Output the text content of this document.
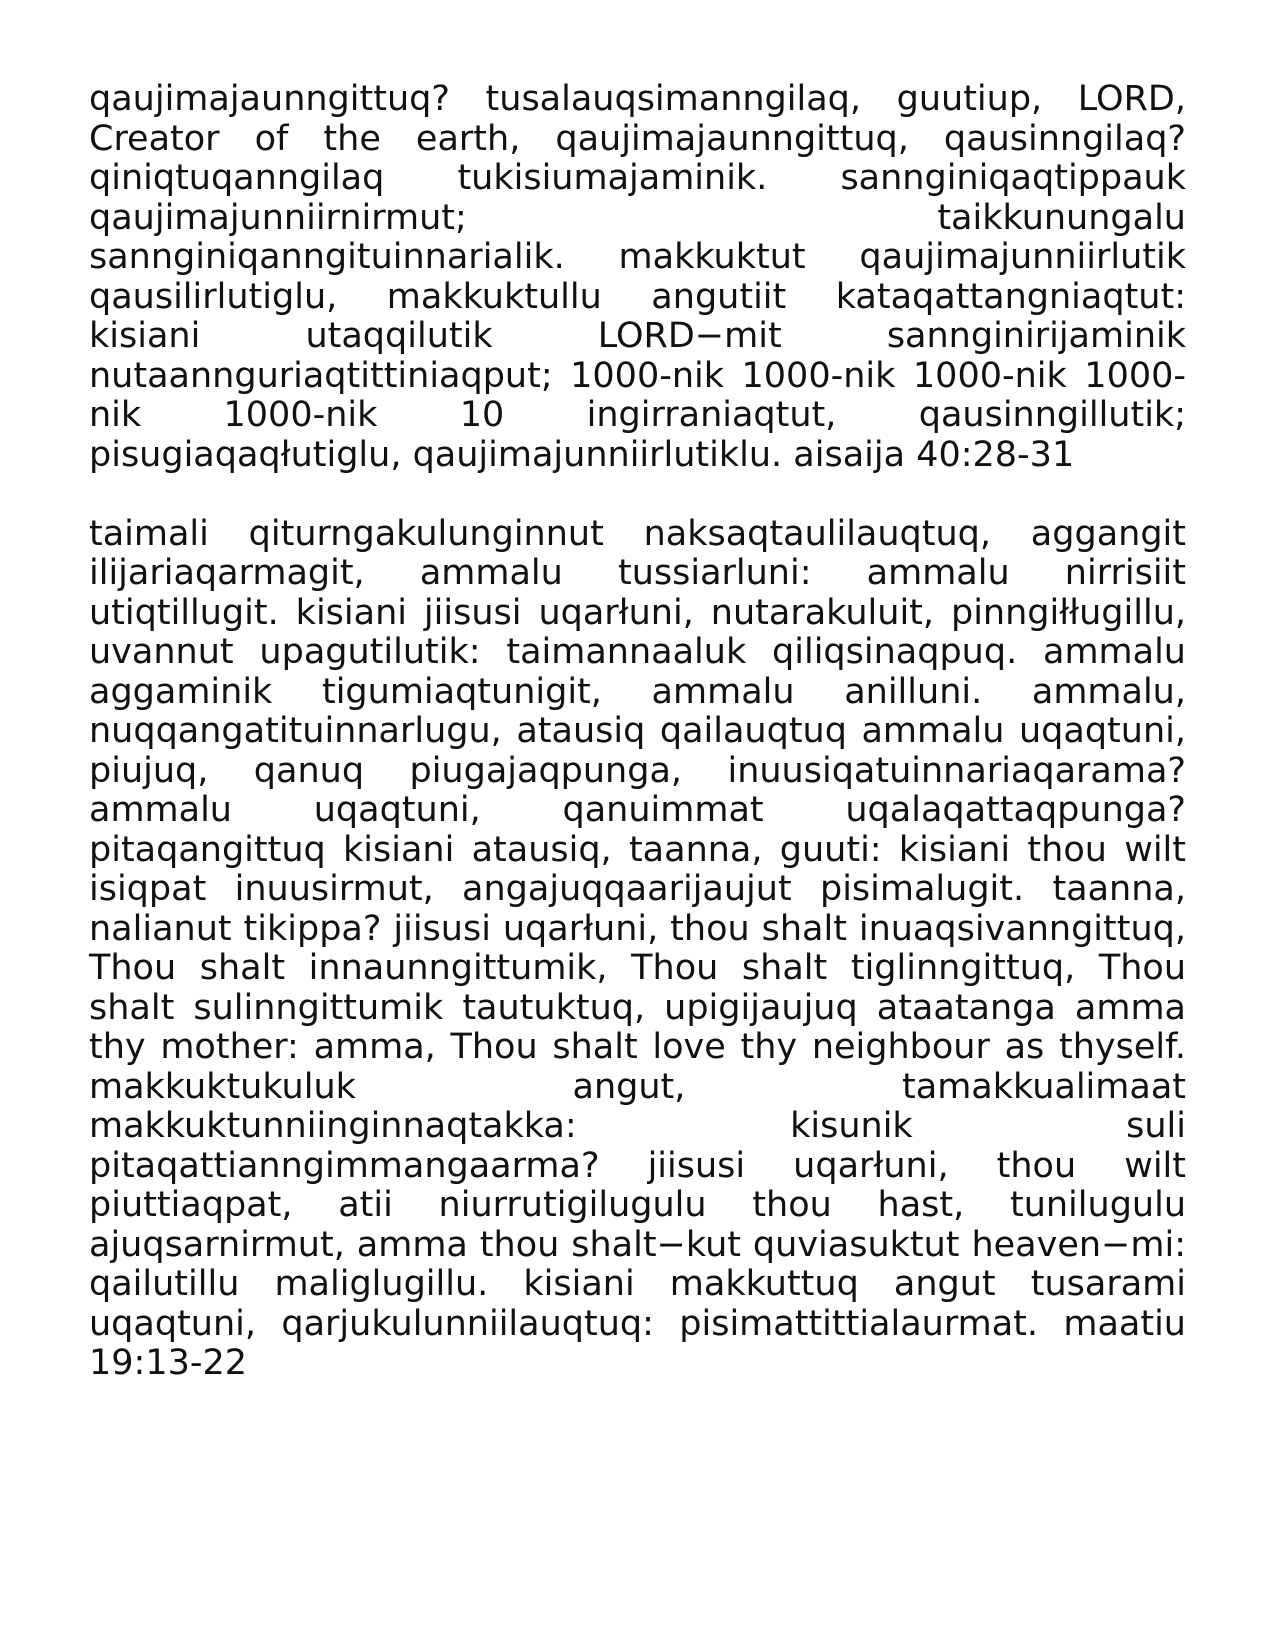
qaujimajaunngittuq? tusalauqsimanngilaq, guutiup, LORD, Creator of the earth, qaujimajaunngittuq, qausinngilaq? qiniqtuqanngilaq tukisiumajaminik. sannginiqaqtippauk qaujimajunniirnirmut; taikkunungalu sannginiqanngituinnarialik. makkuktut qaujimajunniirlutik qausilirlutiglu, makkuktullu angutiit kataqattangniaqtut: kisiani utaqqilutik LORD−mit sannginirijaminik nutaannguriaqtittiniaqput; 1000-nik 1000-nik 1000-nik 1000-nik 1000-nik 10 ingirraniaqtut, qausinngillutik; pisugiaqaqłutiglu, qaujimajunniirlutiklu. aisaija 40:28-31

taimali qiturngakulunginnut naksaqtaulilauqtuq, aggangit ilijariaqarmagit, ammalu tussiarluni: ammalu nirrisiit utiqtillugit. kisiani jiisusi uqarłuni, nutarakuluit, pinngiłługillu, uvannut upagutilutik: taimannaaluk qiliqsinaqpuq. ammalu aggaminik tigumiaqtunigit, ammalu anilluni. ammalu, nuqqangatituinnarlugu, atausiq qailauqtuq ammalu uqaqtuni, piujuq, qanuq piugajaqpunga, inuusiqatuinnariaqarama? ammalu uqaqtuni, qanuimmat uqalaqattaqpunga? pitaqangittuq kisiani atausiq, taanna, guuti: kisiani thou wilt isiqpat inuusirmut, angajuqqaarijaujut pisimalugit. taanna, nalianut tikippa? jiisusi uqarłuni, thou shalt inuaqsivanngittuq, Thou shalt innaunngittumik, Thou shalt tiglinngittuq, Thou shalt sulinngittumik tautuktuq, upigijaujuq ataatanga amma thy mother: amma, Thou shalt love thy neighbour as thyself. makkuktukuluk angut, tamakkualimaat makkuktunniinginnaqtakka: kisunik suli pitaqattianngimmangaarma? jiisusi uqarłuni, thou wilt piuttiaqpat, atii niurrutigilugulu thou hast, tunilugulu ajuqsarnirmut, amma thou shalt−kut quviasuktut heaven−mi: qailutillu maliglugillu. kisiani makkuttuq angut tusarami uqaqtuni, qarjukulunniilauqtuq: pisimattittialaurmat. maatiu 19:13-22
